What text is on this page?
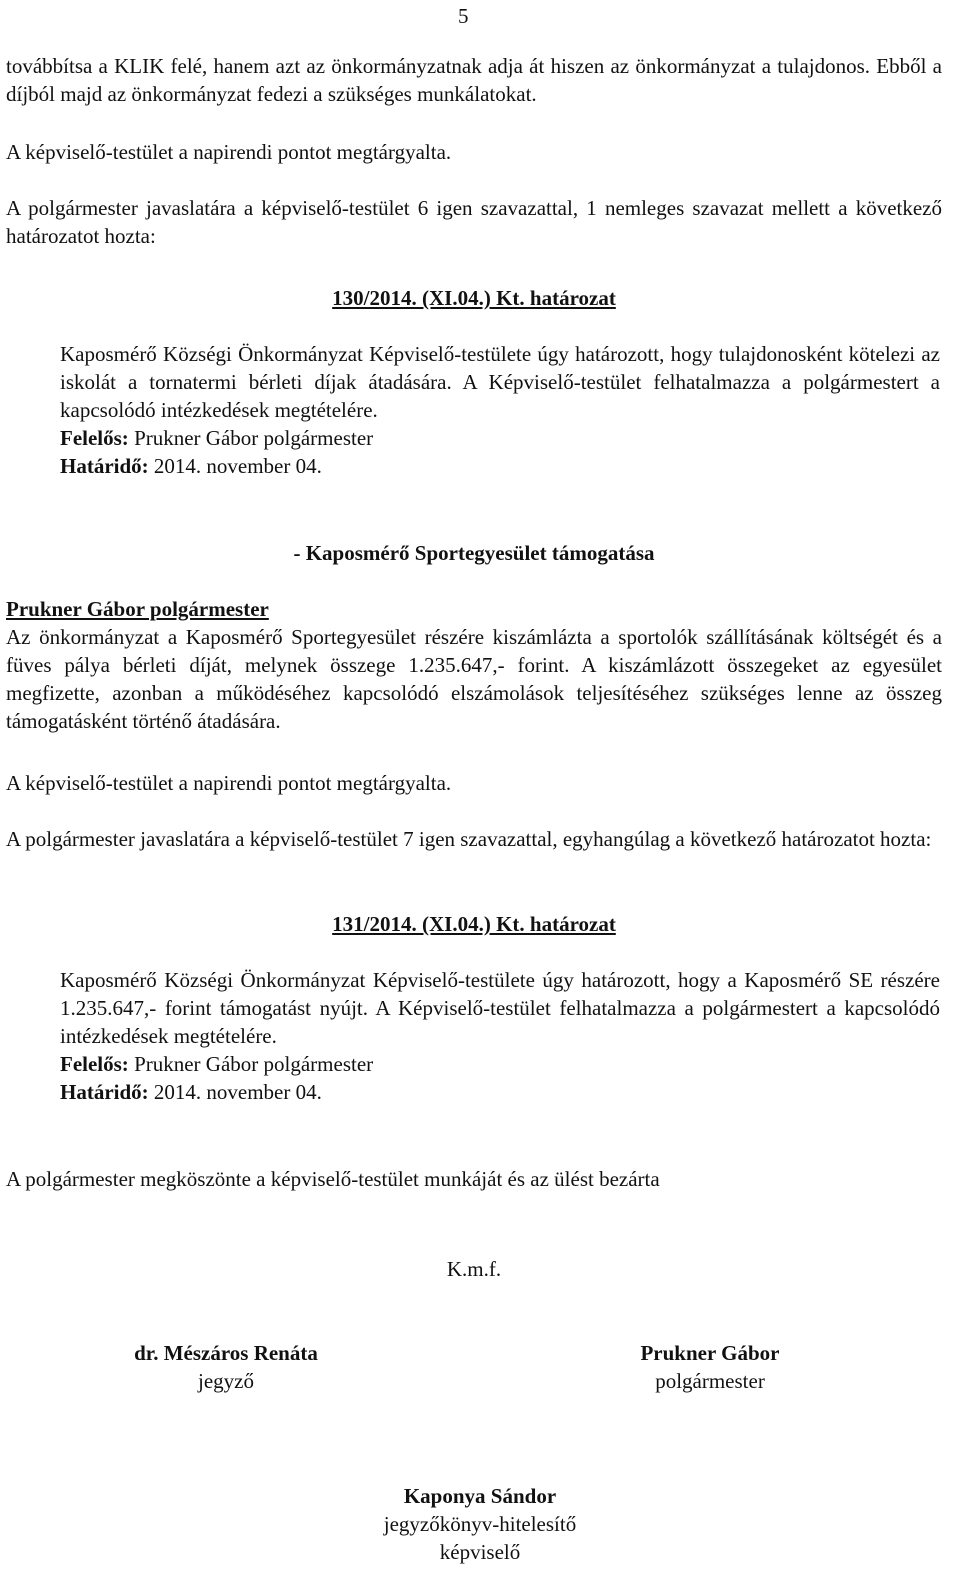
5
továbbítsa a KLIK felé, hanem azt az önkormányzatnak adja át hiszen az önkormányzat a tulajdonos. Ebből a díjból majd az önkormányzat fedezi a szükséges munkálatokat.
A képviselő-testület a napirendi pontot megtárgyalta.
A polgármester javaslatára a képviselő-testület 6 igen szavazattal, 1 nemleges szavazat mellett a következő határozatot hozta:
130/2014. (XI.04.) Kt. határozat

Kaposmérő Községi Önkormányzat Képviselő-testülete úgy határozott, hogy tulajdonosként kötelezi az iskolát a tornatermi bérleti díjak átadására. A Képviselő-testület felhatalmazza a polgármestert a kapcsolódó intézkedések megtételére.

Felelős: Prukner Gábor polgármester

Határidő: 2014. november 04.

- Kaposmérő Sportegyesület támogatása
Prukner Gábor polgármester
Az önkormányzat a Kaposmérő Sportegyesület részére kiszámlázta a sportolók szállításának költségét és a füves pálya bérleti díját, melynek összege 1.235.647,- forint. A kiszámlázott összegeket az egyesület megfizette, azonban a működéséhez kapcsolódó elszámolások teljesítéséhez szükséges lenne az összeg támogatásként történő átadására.
A képviselő-testület a napirendi pontot megtárgyalta.
A polgármester javaslatára a képviselő-testület 7 igen szavazattal, egyhangúlag a következő határozatot hozta:
131/2014. (XI.04.) Kt. határozat

Kaposmérő Községi Önkormányzat Képviselő-testülete úgy határozott, hogy a Kaposmérő SE részére 1.235.647,- forint támogatást nyújt. A Képviselő-testület felhatalmazza a polgármestert a kapcsolódó intézkedések megtételére.

Felelős: Prukner Gábor polgármester

Határidő: 2014. november 04.

A polgármester megköszönte a képviselő-testület munkáját és az ülést bezárta
K.m.f.
dr. Mészáros Renáta
jegyző
Prukner Gábor
polgármester
Kaponya Sándor
jegyzőkönyv-hitelesítő
képviselő
